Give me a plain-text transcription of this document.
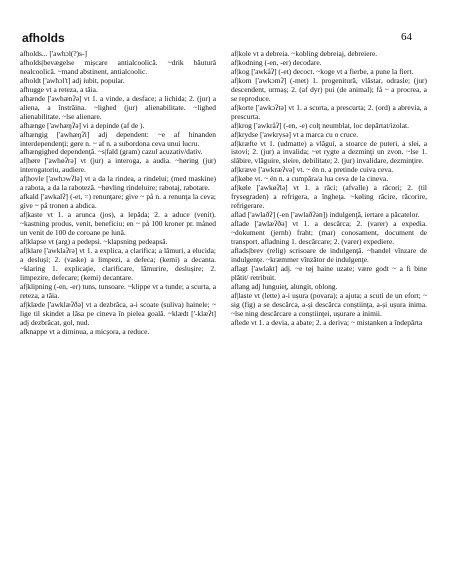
afholds	64

afholds... ['awhɔl(?)s-]

afholds|bevægelse mișcare antialcoolică. ~drik băutură nealcoolică. ~mand abstinent, antialcoolic.

afholdt ['awhɔl't] adj iubit, popular.

afhugge vt a reteza, a tăia.

afhænde ['awhænʔə] vt 1. a vinde, a desface; a lichida; 2. (jur) a aliena, a înstrăina. ~lighed (jur) alienabilitate. ~lighed alienabilitate. ~lse alienare.

afhænge ['awhæŋʔə] vi a depinde (af de ).

afhængig ['awhæŋʔi] adj dependent: ~e af hinanden interdependenţi; gøre n. ~ af n. a subordona ceva unui lucru.

afhængighed dependenţă. ~s|fald (gram) cazul acuzativ/dativ.

af|høre ['awhøʔrə] vt (jur) a interoga, a audia. ~høring (jur) interogatoriu, audiere.

af|hovle ['awhɔwʔlə] vt a da la rindea, a rindelui; (med maskine) a rabota, a da la raboteză. ~høvling rindeluire; rabotaj, rabotare.

afkald ['awkalʔ] (-et, =) renunţare; give ~ på n. a renunţa la ceva; give ~ på tronen a abdica.

af|kaste vt 1. a arunca (jos), a lepăda; 2. a aduce (venit). ~kastning produs, venit, beneficiu; en ~ på 100 kroner pr. måned un venit de 100 de coroane pe lună.

af|klapse vt (arg) a pedepsi. ~klapsning pedeapsă.

af|klare ['awklaʔrə] vt 1. a explica, a clarifica; a lămuri, a elucida; a deslușí; 2. (vaske) a limpezi, a defeca; (kemi) a decanta. ~klaring 1. explicaţie, clarificare, lămurire, deslușire; 2. limpezire, defecare; (kemi) decantare.

af|klipning (-en, -er) tuns, tunsoare. ~klippe vt a tunde; a scurta, a reteza, a tăia.

af|klæde ['awklæʔðə] vt a dezbrăca, a-i scoate (suliva) hainele; ~ lige til skindet a lăsa pe cineva în pielea goală. ~klædt ['-klæʔt] adj dezbrăcat, gol, nud.

afknappe vt a diminua, a micșora, a reduce.

af|kole vt a debreia. ~kobling debreiaj, debreiere.

af|kodning (-en, -er) decodare.

af|kog ['awkåʔ] (-et) decoct. ~koge vt a fierbe, a pune la fiert.

af|kom ['awkɔmʔ] (-met) 1. progenitură, vlăstar, odrasle; (jur) descendent, urmaș; 2. (af dyr) pui (de animal); få ~ a procrea, a se reproduce.

af|korte ['awkɔʔtə] vt 1. a scurta, a prescurta; 2. (ord) a abrevia, a prescurta.

af|krog ['awkråʔ] (-en, -e) colţ neumblat, loc depărtat/izolat.

af|krydse ['awkrysə] vt a marca cu o cruce.

af|kræfte vt 1. (udmatte) a vlăguí, a stoarce de puteri, a slei, a istovi; 2. (jur) a invalida; ~et rygte a dezminţi un zvon. ~lse 1. slăbire, vlăguire, sleire, debilitate; 2. (jur) invalidare, dezminţire.

af|kræve ['awkræʔvə] vt. ~ én n. a pretinde cuiva ceva.

af|købe vt. ~ én n. a cumpăra/a lua ceva de la cineva.

af|køle ['awkøʔlə] vt 1. a răci; (afvalle) a răcori; 2. (til frysegraden) a refrigera, a îngheţa. ~køling răcire, răcorire, refrigerare.

aflad ['awlaðʔ] (-en ['awlaðʔən]) indulgenţă, iertare a păcatelor.

aflade ['awlæʔðə] vt 1. a descărca; 2. (varer) a expedia. ~dokument (jernb) fraht; (mar) conosament, document de transport. afladning 1. descărcare; 2. (varer) expediere.

aflads|brev (relig) scrisoare de indulgenţă. ~handel vînzare de indulgenţe. ~kræmmer vînzător de indulgenţe.

aflagt ['awlakt] adj. ~e tøj haine uzate; være godt ~ a fi bine plătit/ retribuit.

aflang adj lunguieţ, alungit, oblong.

af|laste vt (lette) a-i ușura (povara); a ajuta; a scuti de un efort; ~ sig (fig) a se descărca, a-și descărca conștiinţa, a-și ușura inima. ~lse ning descărcare a conștiinţei, ușurare a inimii.

aflede vt 1. a devia, a abate; 2. a deriva; ~ mistanken a îndepărta
